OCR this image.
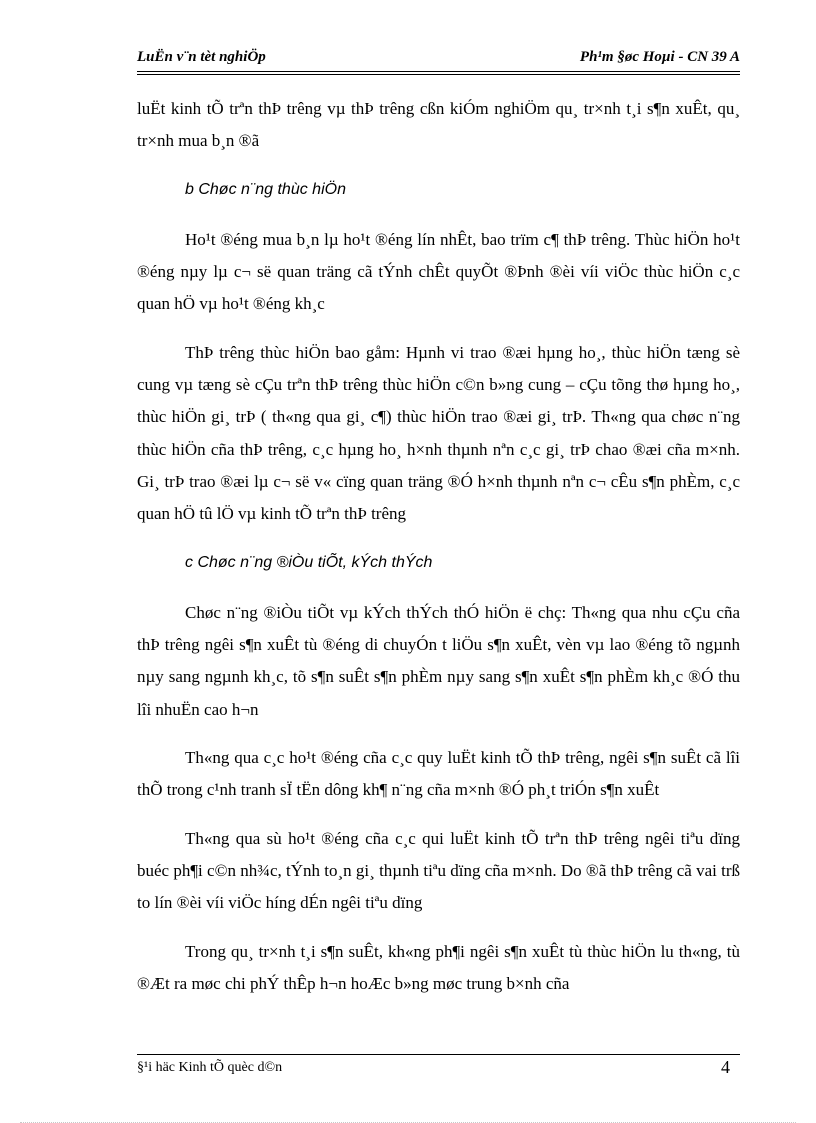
LuËn v¨n tèt nghiÖp	Ph¹m §øc Hoµi - CN 39 A

luËt kinh tÕ trªn thÞ trêng vµ thÞ trêng cßn kiÓm nghiÖm qu¸ tr×nh t¸i s¶n xuÊt, qu¸ tr×nh mua b¸n ®ã

b Chøc n¨ng thùc hiÖn

Ho¹t ®éng mua b¸n lµ ho¹t ®éng lín nhÊt, bao trïm c¶ thÞ trêng. Thùc hiÖn ho¹t ®éng nµy lµ c¬ së quan träng cã tÝnh chÊt quyÕt ®Þnh ®èi víi viÖc thùc hiÖn c¸c quan hÖ vµ ho¹t ®éng kh¸c

ThÞ trêng thùc hiÖn bao gåm: Hµnh vi trao ®æi hµng ho¸, thùc hiÖn tæng sè cung vµ tæng sè cÇu trªn thÞ trêng thùc hiÖn c©n b»ng cung – cÇu tõng thø hµng ho¸, thùc hiÖn gi¸ trÞ ( th«ng qua gi¸ c¶) thùc hiÖn trao ®æi gi¸ trÞ. Th«ng qua chøc n¨ng thùc hiÖn cña thÞ trêng, c¸c hµng ho¸ h×nh thµnh nªn c¸c gi¸ trÞ chao ®æi cña m×nh. Gi¸ trÞ trao ®æi lµ c¬ së v« cïng quan träng ®Ó h×nh thµnh nªn c¬ cÊu s¶n phÈm, c¸c quan hÖ tû lÖ vµ kinh tÕ trªn thÞ trêng

c Chøc n¨ng ®iÒu tiÕt, kÝch thÝch

Chøc n¨ng ®iÒu tiÕt vµ kÝch thÝch thÓ hiÖn ë chç: Th«ng qua nhu cÇu cña thÞ trêng ngêi s¶n xuÊt tù ®éng di chuyÓn t liÖu s¶n xuÊt, vèn vµ lao ®éng tõ ngµnh nµy sang ngµnh kh¸c, tõ s¶n suÊt s¶n phÈm nµy sang s¶n xuÊt s¶n phÈm kh¸c ®Ó thu lîi nhuËn cao h¬n

Th«ng qua c¸c ho¹t ®éng cña c¸c quy luËt kinh tÕ thÞ trêng, ngêi s¶n suÊt cã lîi thÕ trong c¹nh tranh sÏ tËn dông kh¶ n¨ng cña m×nh ®Ó ph¸t triÓn s¶n xuÊt

Th«ng qua sù ho¹t ®éng cña c¸c qui luËt kinh tÕ trªn thÞ trêng ngêi tiªu dïng buéc ph¶i c©n nh¾c, tÝnh to¸n gi¸ thµnh tiªu dïng cña m×nh. Do ®ã thÞ trêng cã vai trß to lín ®èi víi viÖc híng dÉn ngêi tiªu dïng

Trong qu¸ tr×nh t¸i s¶n suÊt, kh«ng ph¶i ngêi s¶n xuÊt tù thùc hiÖn lu th«ng, tù ®Æt ra møc chi phÝ thÊp h¬n hoÆc b»ng møc trung b×nh cña

§¹i häc Kinh tÕ quèc d©n	4
